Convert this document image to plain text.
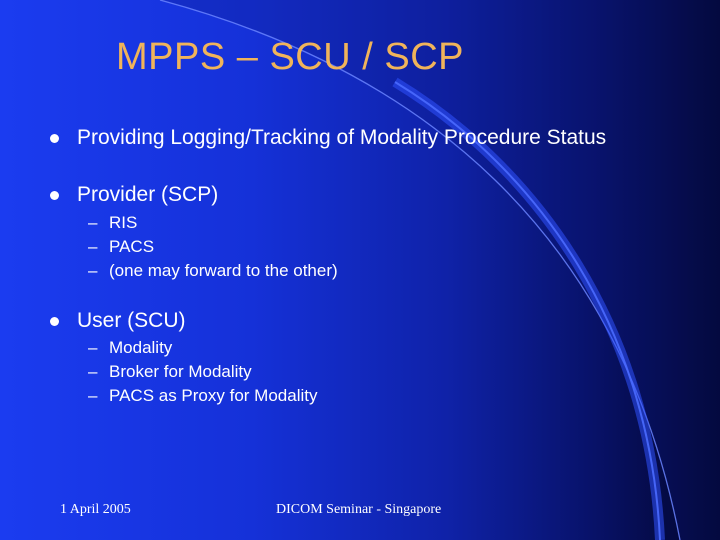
MPPS – SCU / SCP
Providing Logging/Tracking of Modality Procedure Status
Provider (SCP)
– RIS
– PACS
– (one may forward to the other)
User (SCU)
– Modality
– Broker for Modality
– PACS as Proxy for Modality
1 April 2005	DICOM Seminar - Singapore
